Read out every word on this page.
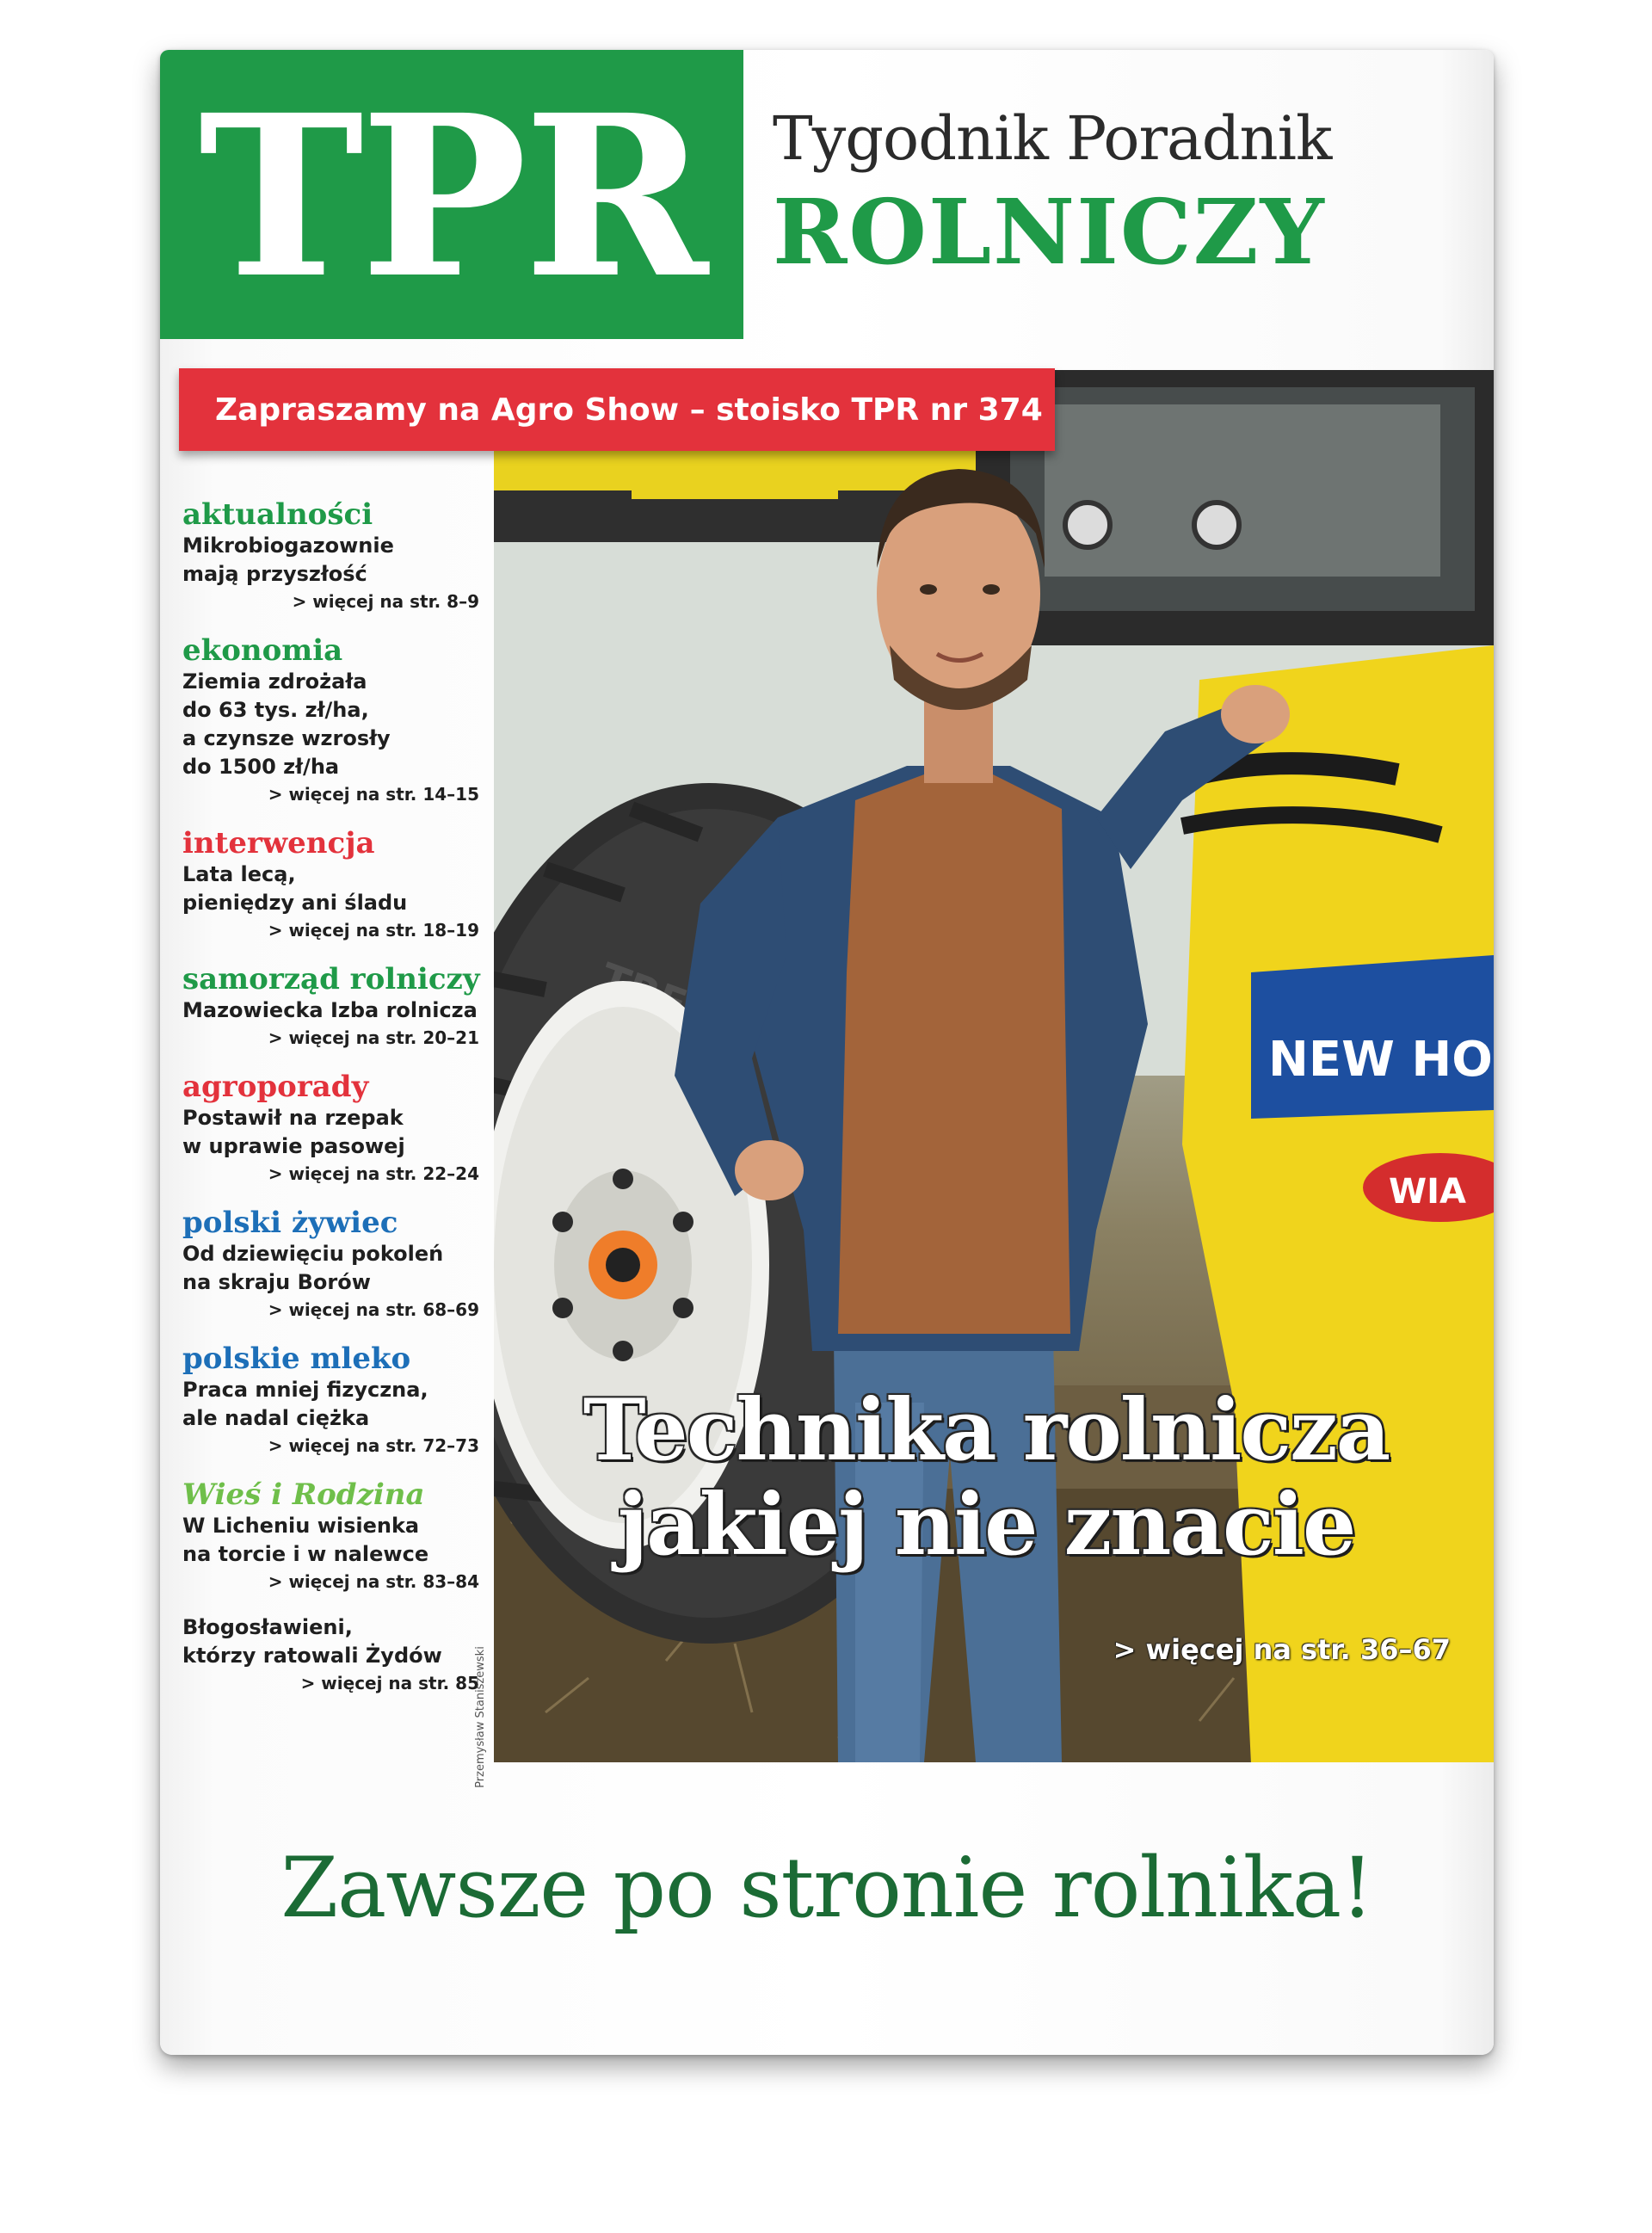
TPR	Tygodnik Poradnik
ROLNICZY
NEW HO
WIA
Zapraszamy na Agro Show – stoisko TPR nr 374
aktualności
Mikrobiogazownie
mają przyszłość
> więcej na str. 8–9
ekonomia
Ziemia zdrożała
do 63 tys. zł/ha,
a czynsze wzrosły
do 1500 zł/ha
> więcej na str. 14–15
interwencja
Lata lecą,
pieniędzy ani śladu
> więcej na str. 18–19
samorząd rolniczy
Mazowiecka Izba rolnicza
> więcej na str. 20–21
agroporady
Postawił na rzepak
w uprawie pasowej
> więcej na str. 22–24
polski żywiec
Od dziewięciu pokoleń
na skraju Borów
> więcej na str. 68–69
polskie mleko
Praca mniej fizyczna,
ale nadal ciężka
> więcej na str. 72–73
Wieś i Rodzina
W Licheniu wisienka
na torcie i w nalewce
> więcej na str. 83–84
Błogosławieni,
którzy ratowali Żydów
> więcej na str. 85
Przemysław Staniszewski
Technika rolnicza
jakiej nie znacie
> więcej na str. 36–67
Zawsze po stronie rolnika!
